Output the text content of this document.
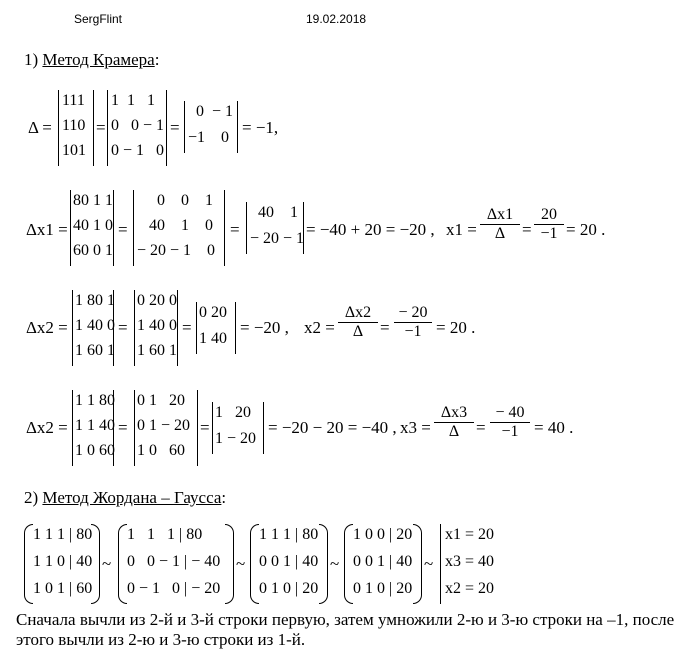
SergFlint	19.02.2018
1) Метод Крамера:
Δ =
111
110
101
=
1  1   1
0   0 − 1
0 − 1   0
=
0  − 1
−1    0
= −1,
Δx1 =
80 1 1
40 1 0
60 0 1
=
0    0    1
40    1    0
− 20 − 1    0
=
40    1
− 20 − 1 = −40 + 20 = −20 , $x1 = \frac{\Delta x1}{\Delta} = \frac{20}{-1} = 20$ .
Δx2 =
1 80 1
1 40 0
1 60 1
=
0 20 0
1 40 0
1 60 1
=
0 20
1 40
= −20 , $x2 = \frac{\Delta x2}{\Delta} = \frac{- 20}{-1} = 20$ .
Δx2 =
1 1 80
1 1 40
1 0 60
=
0 1   20
0 1 − 20
1 0   60
=
1   20
1 − 20
= −20 − 20 = −40 , $x3 = \frac{\Delta x3}{\Delta} = \frac{- 40}{-1} = 40$ .
2) Метод Жордана – Гаусса:
1 1 1 | 80
1 1 0 | 40
1 0 1 | 60
~
1   1   1 | 80
0   0 − 1 | − 40
0 − 1   0 | − 20
~
1 1 1 | 80
0 0 1 | 40
0 1 0 | 20
~
1 0 0 | 20
0 0 1 | 40
0 1 0 | 20
~
x1 = 20
x3 = 40
x2 = 20
Сначала вычли из 2-й и 3-й строки первую, затем умножили 2-ю и 3-ю строки на –1, после этого вычли из 2-ю и 3-ю строки из 1-й.
